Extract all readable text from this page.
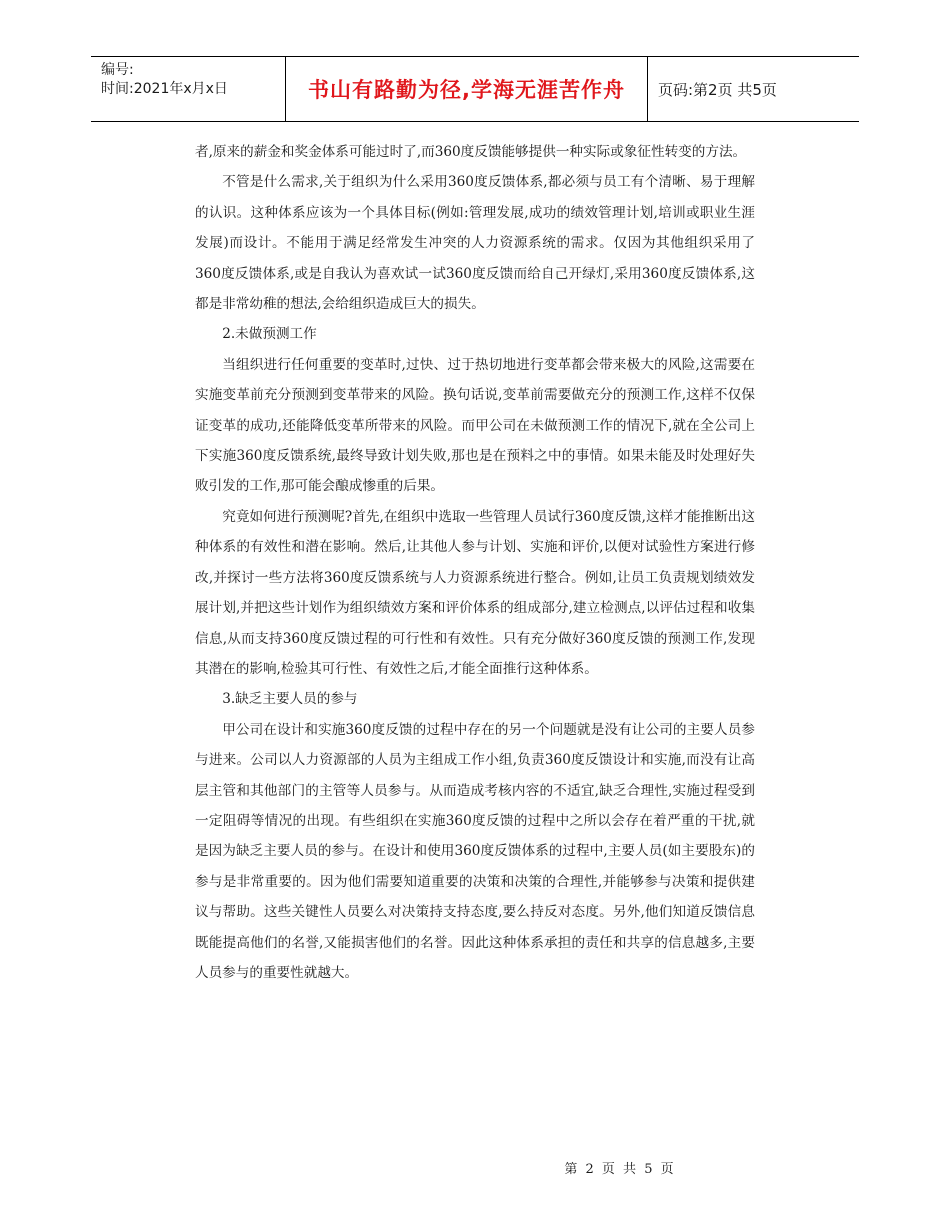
编号:
时间:2021年x月x日	书山有路勤为径,学海无涯苦作舟	页码:第2页 共5页

者,原来的薪金和奖金体系可能过时了,而360度反馈能够提供一种实际或象征性转变的方法。

不管是什么需求,关于组织为什么采用360度反馈体系,都必须与员工有个清晰、易于理解的认识。这种体系应该为一个具体目标(例如:管理发展,成功的绩效管理计划,培训或职业生涯发展)而设计。不能用于满足经常发生冲突的人力资源系统的需求。仅因为其他组织采用了360度反馈体系,或是自我认为喜欢试一试360度反馈而给自己开绿灯,采用360度反馈体系,这都是非常幼稚的想法,会给组织造成巨大的损失。

2.未做预测工作

当组织进行任何重要的变革时,过快、过于热切地进行变革都会带来极大的风险,这需要在实施变革前充分预测到变革带来的风险。换句话说,变革前需要做充分的预测工作,这样不仅保证变革的成功,还能降低变革所带来的风险。而甲公司在未做预测工作的情况下,就在全公司上下实施360度反馈系统,最终导致计划失败,那也是在预料之中的事情。如果未能及时处理好失败引发的工作,那可能会酿成惨重的后果。

究竟如何进行预测呢?首先,在组织中选取一些管理人员试行360度反馈,这样才能推断出这种体系的有效性和潜在影响。然后,让其他人参与计划、实施和评价,以便对试验性方案进行修改,并探讨一些方法将360度反馈系统与人力资源系统进行整合。例如,让员工负责规划绩效发展计划,并把这些计划作为组织绩效方案和评价体系的组成部分,建立检测点,以评估过程和收集信息,从而支持360度反馈过程的可行性和有效性。只有充分做好360度反馈的预测工作,发现其潜在的影响,检验其可行性、有效性之后,才能全面推行这种体系。

3.缺乏主要人员的参与

甲公司在设计和实施360度反馈的过程中存在的另一个问题就是没有让公司的主要人员参与进来。公司以人力资源部的人员为主组成工作小组,负责360度反馈设计和实施,而没有让高层主管和其他部门的主管等人员参与。从而造成考核内容的不适宜,缺乏合理性,实施过程受到一定阻碍等情况的出现。有些组织在实施360度反馈的过程中之所以会存在着严重的干扰,就是因为缺乏主要人员的参与。在设计和使用360度反馈体系的过程中,主要人员(如主要股东)的参与是非常重要的。因为他们需要知道重要的决策和决策的合理性,并能够参与决策和提供建议与帮助。这些关键性人员要么对决策持支持态度,要么持反对态度。另外,他们知道反馈信息既能提高他们的名誉,又能损害他们的名誉。因此这种体系承担的责任和共享的信息越多,主要人员参与的重要性就越大。

第 2 页 共 5 页
